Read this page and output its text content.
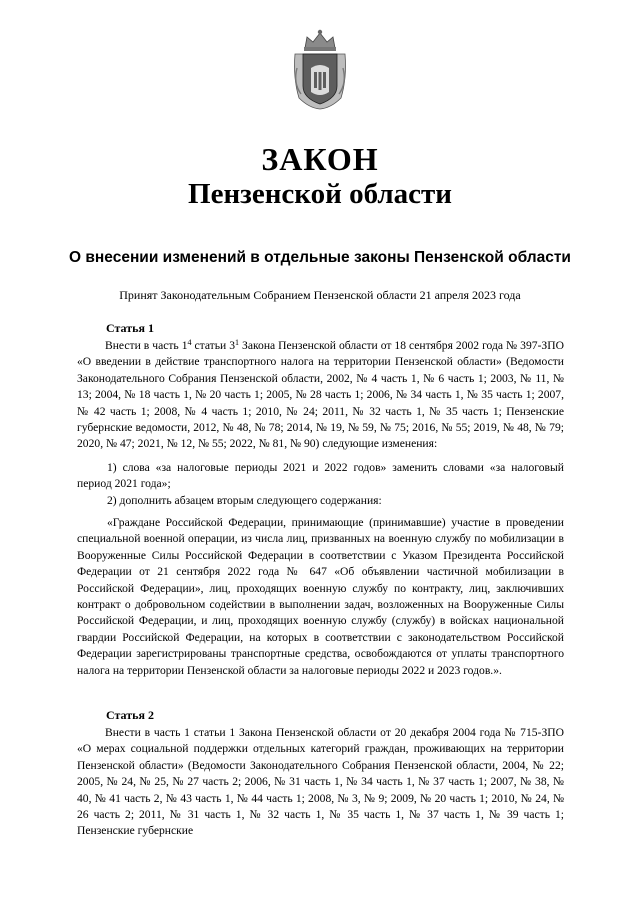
ЗАКОН
Пензенской области
О внесении изменений в отдельные законы Пензенской области
Принят Законодательным Собранием Пензенской области 21 апреля 2023 года
Статья 1
Внести в часть $1^4$ статьи $3^1$ Закона Пензенской области от 18 сентября 2002 года № 397-ЗПО «О введении в действие транспортного налога на территории Пензенской области» (Ведомости Законодательного Собрания Пензенской области, 2002, № 4 часть 1, № 6 часть 1; 2003, № 11, № 13; 2004, № 18 часть 1, № 20 часть 1; 2005, № 28 часть 1; 2006, № 34 часть 1, № 35 часть 1; 2007, № 42 часть 1; 2008, № 4 часть 1; 2010, № 24; 2011, № 32 часть 1, № 35 часть 1; Пензенские губернские ведомости, 2012, № 48, № 78; 2014, № 19, № 59, № 75; 2016, № 55; 2019, № 48, № 79; 2020, № 47; 2021, № 12, № 55; 2022, № 81, № 90) следующие изменения:
1) слова «за налоговые периоды 2021 и 2022 годов» заменить словами «за налоговый период 2021 года»;
2) дополнить абзацем вторым следующего содержания:
«Граждане Российской Федерации, принимающие (принимавшие) участие в проведении специальной военной операции, из числа лиц, призванных на военную службу по мобилизации в Вооруженные Силы Российской Федерации в соответствии с Указом Президента Российской Федерации от 21 сентября 2022 года № 647 «Об объявлении частичной мобилизации в Российской Федерации», лиц, проходящих военную службу по контракту, лиц, заключивших контракт о добровольном содействии в выполнении задач, возложенных на Вооруженные Силы Российской Федерации, и лиц, проходящих военную службу (службу) в войсках национальной гвардии Российской Федерации, на которых в соответствии с законодательством Российской Федерации зарегистрированы транспортные средства, освобождаются от уплаты транспортного налога на территории Пензенской области за налоговые периоды 2022 и 2023 годов.».
Статья 2
Внести в часть 1 статьи 1 Закона Пензенской области от 20 декабря 2004 года № 715-ЗПО «О мерах социальной поддержки отдельных категорий граждан, проживающих на территории Пензенской области» (Ведомости Законодательного Собрания Пензенской области, 2004, № 22; 2005, № 24, № 25, № 27 часть 2; 2006, № 31 часть 1, № 34 часть 1, № 37 часть 1; 2007, № 38, № 40, № 41 часть 2, № 43 часть 1, № 44 часть 1; 2008, № 3, № 9; 2009, № 20 часть 1; 2010, № 24, № 26 часть 2; 2011, № 31 часть 1, № 32 часть 1, № 35 часть 1, № 37 часть 1, № 39 часть 1; Пензенские губернские
